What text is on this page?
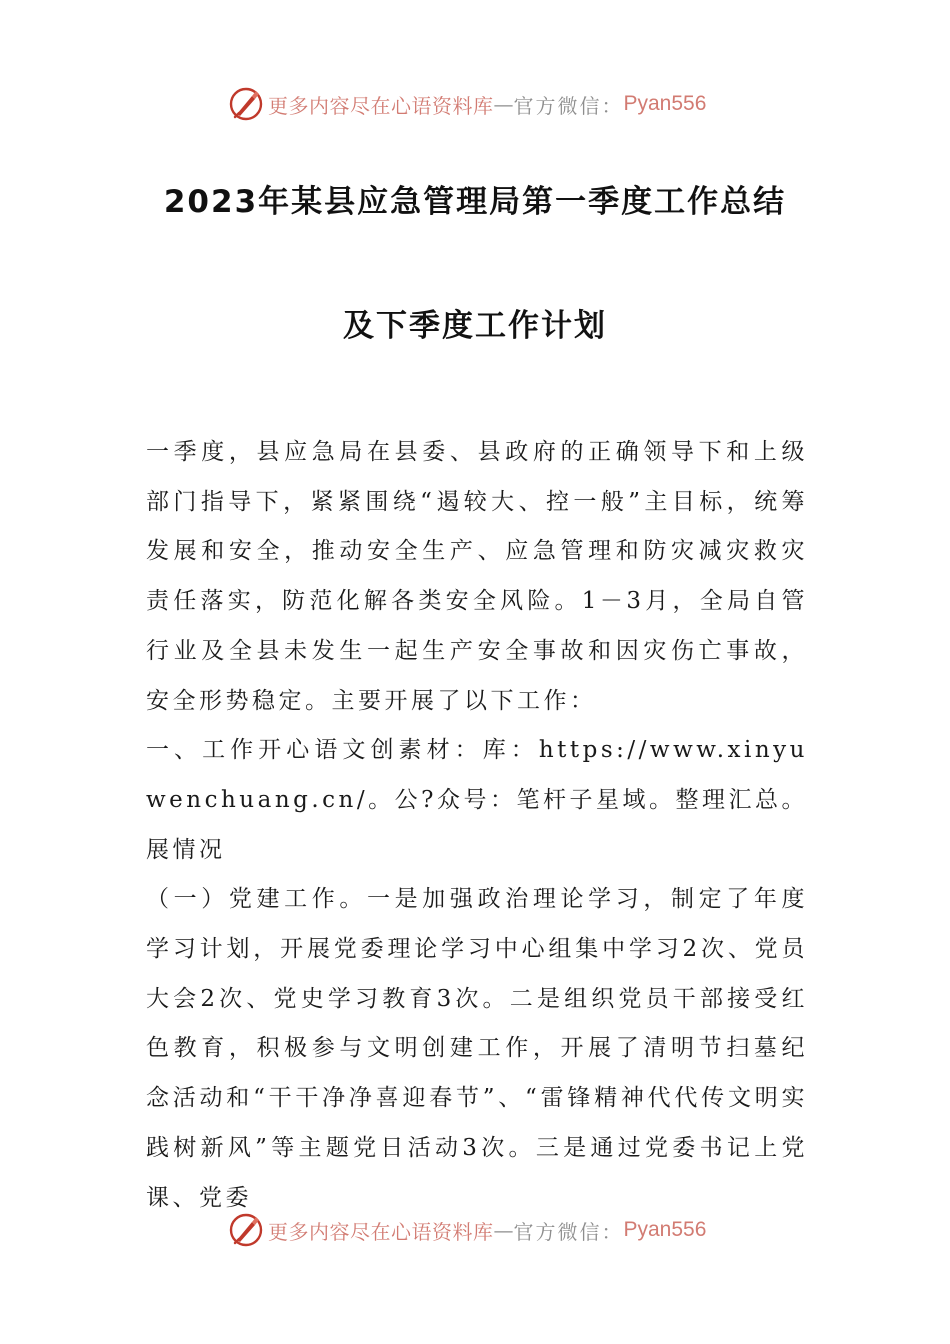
更多内容尽在心语资料库 — 官方微信： Pyan556
2023年某县应急管理局第一季度工作总结
及下季度工作计划

一季度，县应急局在县委、县政府的正确领导下和上级部门指导下，紧紧围绕“遏较大、控一般”主目标，统筹发展和安全，推动安全生产、应急管理和防灾减灾救灾责任落实，防范化解各类安全风险。1－3月，全局自管行业及全县未发生一起生产安全事故和因灾伤亡事故，安全形势稳定。主要开展了以下工作：

一、工作开心语文创素材：库：https://www.xinyuwenchuang.cn/。公?众号：笔杆子星域。整理汇总。展情况

（一）党建工作。一是加强政治理论学习，制定了年度学习计划，开展党委理论学习中心组集中学习2次、党员大会2次、党史学习教育3次。二是组织党员干部接受红色教育，积极参与文明创建工作，开展了清明节扫墓纪念活动和“干干净净喜迎春节”、“雷锋精神代代传文明实践树新风”等主题党日活动3次。三是通过党委书记上党课、党委

更多内容尽在心语资料库 — 官方微信： Pyan556
